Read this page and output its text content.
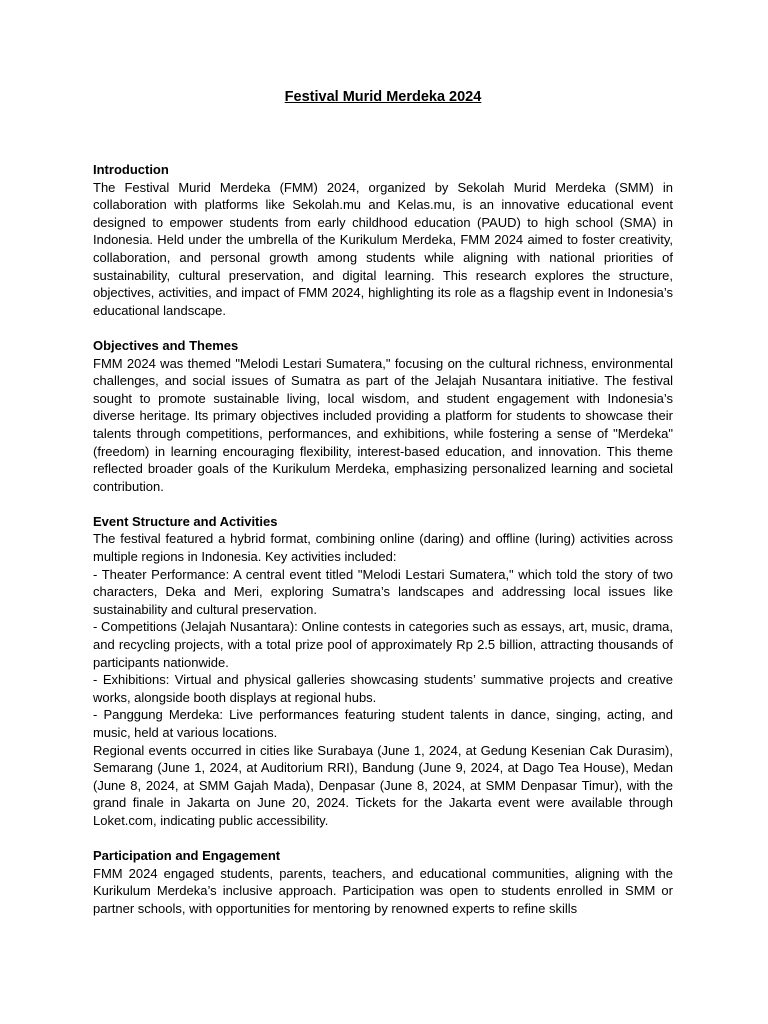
Festival Murid Merdeka 2024
Introduction

The Festival Murid Merdeka (FMM) 2024, organized by Sekolah Murid Merdeka (SMM) in collaboration with platforms like Sekolah.mu and Kelas.mu, is an innovative educational event designed to empower students from early childhood education (PAUD) to high school (SMA) in Indonesia. Held under the umbrella of the Kurikulum Merdeka, FMM 2024 aimed to foster creativity, collaboration, and personal growth among students while aligning with national priorities of sustainability, cultural preservation, and digital learning. This research explores the structure, objectives, activities, and impact of FMM 2024, highlighting its role as a flagship event in Indonesia’s educational landscape.

Objectives and Themes

FMM 2024 was themed "Melodi Lestari Sumatera," focusing on the cultural richness, environmental challenges, and social issues of Sumatra as part of the Jelajah Nusantara initiative. The festival sought to promote sustainable living, local wisdom, and student engagement with Indonesia’s diverse heritage. Its primary objectives included providing a platform for students to showcase their talents through competitions, performances, and exhibitions, while fostering a sense of "Merdeka" (freedom) in learning encouraging flexibility, interest-based education, and innovation. This theme reflected broader goals of the Kurikulum Merdeka, emphasizing personalized learning and societal contribution.

Event Structure and Activities

The festival featured a hybrid format, combining online (daring) and offline (luring) activities across multiple regions in Indonesia. Key activities included:

- Theater Performance: A central event titled "Melodi Lestari Sumatera," which told the story of two characters, Deka and Meri, exploring Sumatra’s landscapes and addressing local issues like sustainability and cultural preservation.

- Competitions (Jelajah Nusantara): Online contests in categories such as essays, art, music, drama, and recycling projects, with a total prize pool of approximately Rp 2.5 billion, attracting thousands of participants nationwide.

- Exhibitions: Virtual and physical galleries showcasing students’ summative projects and creative works, alongside booth displays at regional hubs.

- Panggung Merdeka: Live performances featuring student talents in dance, singing, acting, and music, held at various locations.

Regional events occurred in cities like Surabaya (June 1, 2024, at Gedung Kesenian Cak Durasim), Semarang (June 1, 2024, at Auditorium RRI), Bandung (June 9, 2024, at Dago Tea House), Medan (June 8, 2024, at SMM Gajah Mada), Denpasar (June 8, 2024, at SMM Denpasar Timur), with the grand finale in Jakarta on June 20, 2024. Tickets for the Jakarta event were available through Loket.com, indicating public accessibility.

Participation and Engagement

FMM 2024 engaged students, parents, teachers, and educational communities, aligning with the Kurikulum Merdeka’s inclusive approach. Participation was open to students enrolled in SMM or partner schools, with opportunities for mentoring by renowned experts to refine skills
